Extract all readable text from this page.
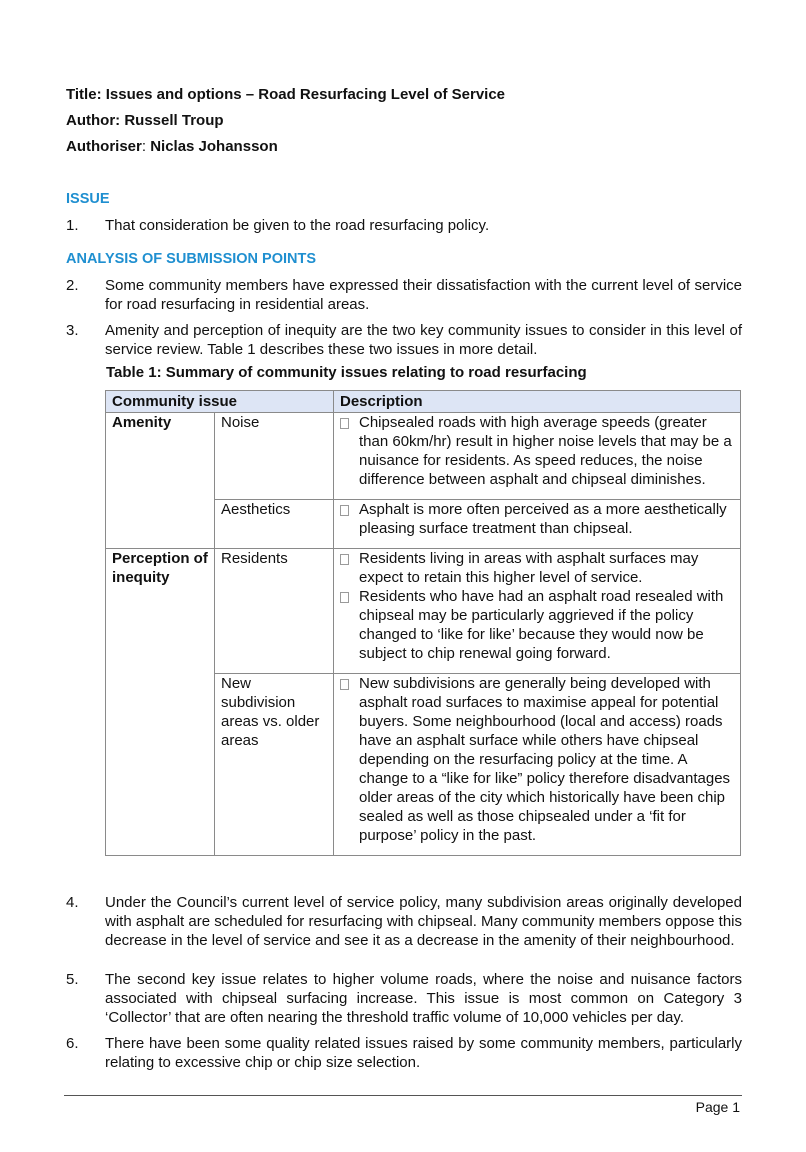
Title: Issues and options – Road Resurfacing Level of Service
Author: Russell Troup
Authoriser: Niclas Johansson
ISSUE
1. That consideration be given to the road resurfacing policy.
ANALYSIS OF SUBMISSION POINTS
2. Some community members have expressed their dissatisfaction with the current level of service for road resurfacing in residential areas.
3. Amenity and perception of inequity are the two key community issues to consider in this level of service review. Table 1 describes these two issues in more detail.
Table 1: Summary of community issues relating to road resurfacing
Community issue		Description
Amenity	Noise	Chipsealed roads with high average speeds (greater than 60km/hr) result in higher noise levels that may be a nuisance for residents. As speed reduces, the noise difference between asphalt and chipseal diminishes.

	Aesthetics	Asphalt is more often perceived as a more aesthetically pleasing surface treatment than chipseal.

Perception of inequity	Residents	Residents living in areas with asphalt surfaces may expect to retain this higher level of service.
Residents who have had an asphalt road resealed with chipseal may be particularly aggrieved if the policy changed to ‘like for like’ because they would now be subject to chip renewal going forward.

	New subdivision areas vs. older areas	New subdivisions are generally being developed with asphalt road surfaces to maximise appeal for potential buyers. Some neighbourhood (local and access) roads have an asphalt surface while others have chipseal depending on the resurfacing policy at the time. A change to a “like for like” policy therefore disadvantages older areas of the city which historically have been chip sealed as well as those chipsealed under a ‘fit for purpose’ policy in the past.
4. Under the Council’s current level of service policy, many subdivision areas originally developed with asphalt are scheduled for resurfacing with chipseal. Many community members oppose this decrease in the level of service and see it as a decrease in the amenity of their neighbourhood.
5. The second key issue relates to higher volume roads, where the noise and nuisance factors associated with chipseal surfacing increase. This issue is most common on Category 3 ‘Collector’ that are often nearing the threshold traffic volume of 10,000 vehicles per day.
6. There have been some quality related issues raised by some community members, particularly relating to excessive chip or chip size selection.
Page 1
